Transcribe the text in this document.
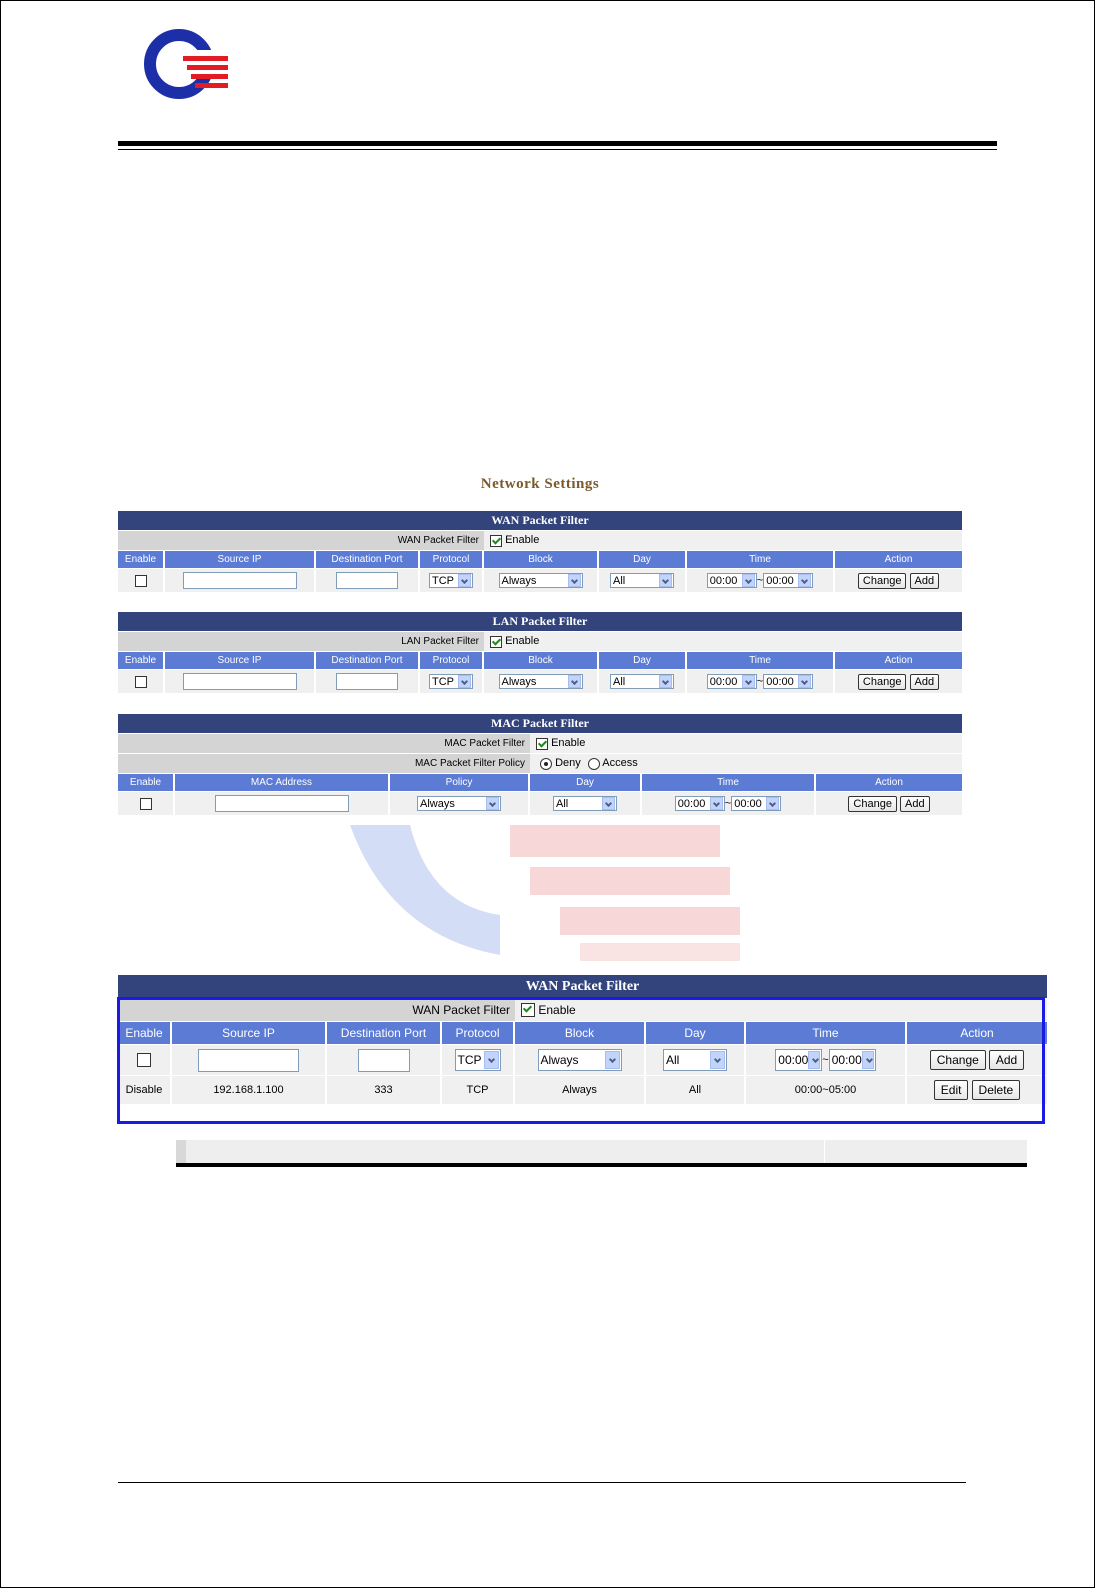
Network Settings
WAN Packet Filter							
WAN Packet Filter				Enable			
Enable	Source IP	Destination Port	Protocol	Block	Day	Time	Action

			TCP	Always	All	00:00 ~ 00:00	Change Add
LAN Packet Filter							
LAN Packet Filter				Enable			
Enable	Source IP	Destination Port	Protocol	Block	Day	Time	Action

			TCP	Always	All	00:00 ~ 00:00	Change Add
MAC Packet Filter					
MAC Packet Filter			Enable		
MAC Packet Filter Policy			Deny Access		
Enable	MAC Address	Policy	Day	Time	Action

		Always	All	00:00 ~ 00:00	Change Add
WAN Packet Filter							
WAN Packet Filter				Enable			
Enable	Source IP	Destination Port	Protocol	Block	Day	Time	Action

			TCP	Always	All	00:00 ~ 00:00	Change Add
Disable	192.168.1.100	333	TCP	Always	All	00:00~05:00	Edit Delete
